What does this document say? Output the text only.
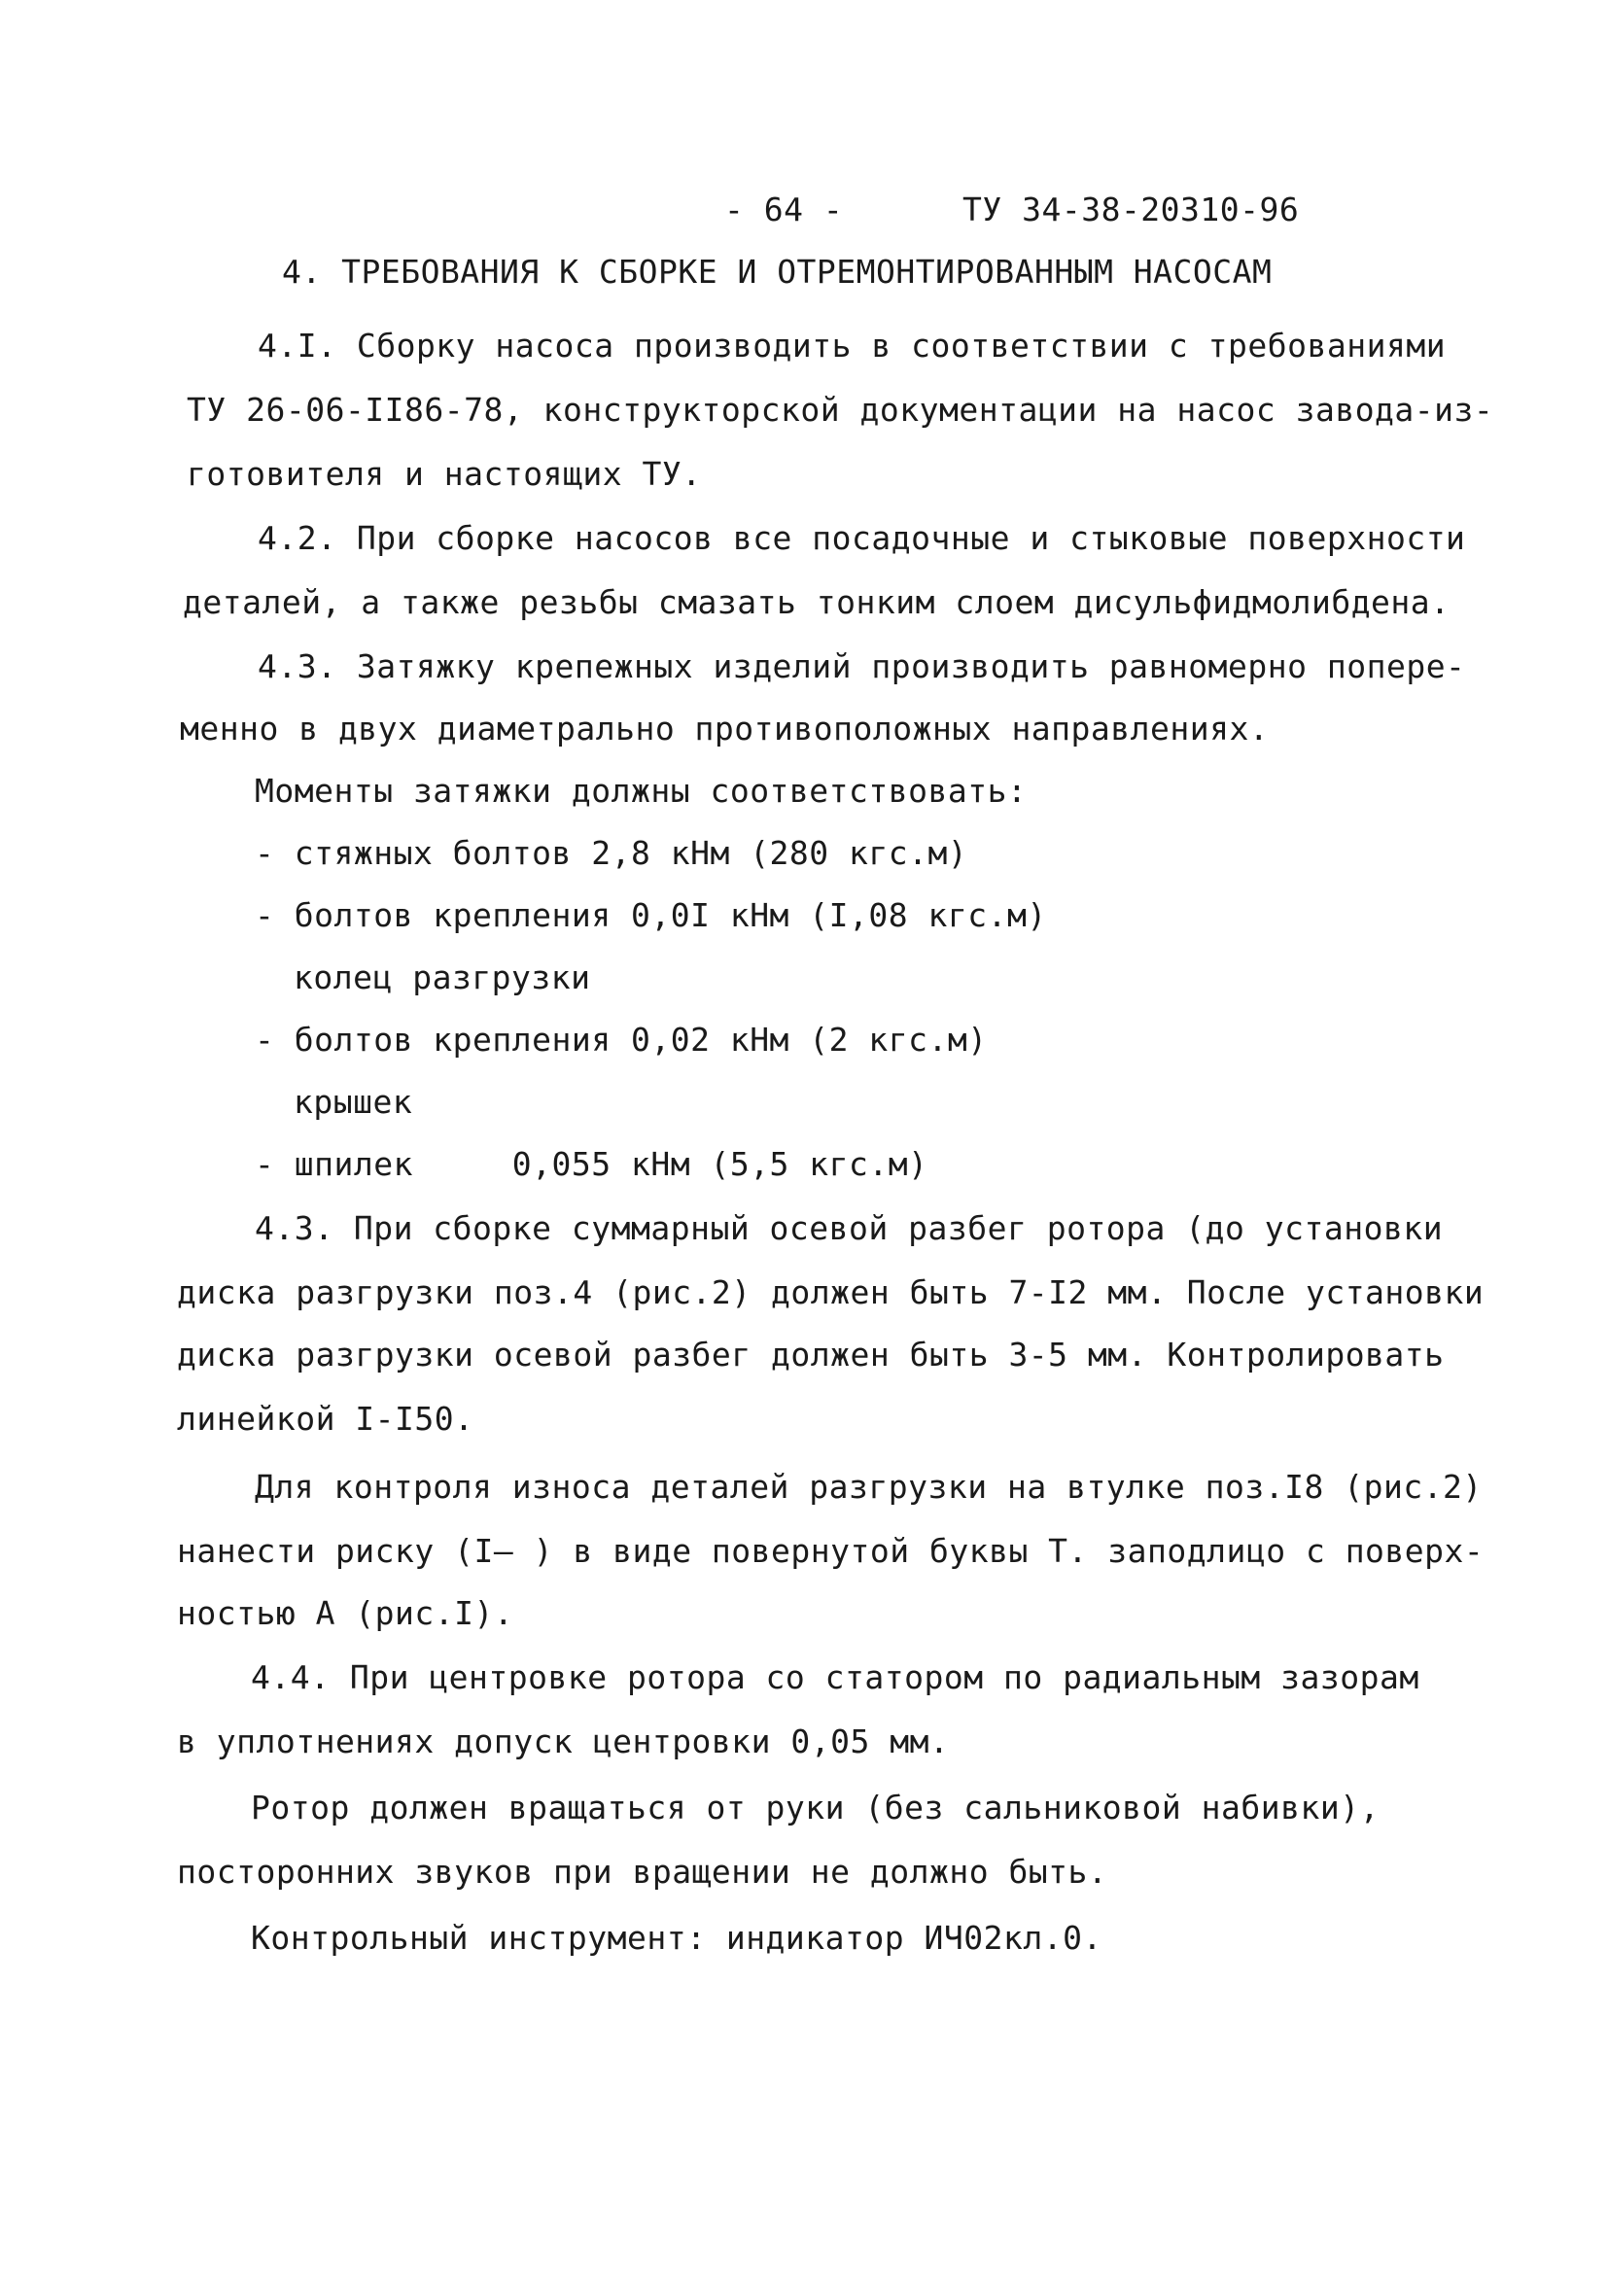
- 64 -	ТУ 34-38-20310-96
4. ТРЕБОВАНИЯ К СБОРКЕ И ОТРЕМОНТИРОВАННЫМ НАСОСАМ
4.I. Сборку насоса производить в соответствии с требованиями
ТУ 26-06-II86-78, конструкторской документации на насос завода-из-
готовителя и настоящих ТУ.
4.2. При сборке насосов все посадочные и стыковые поверхности
деталей, а также резьбы смазать тонким слоем дисульфидмолибдена.
4.3. Затяжку крепежных изделий производить равномерно попере-
менно в двух диаметрально противоположных направлениях.
Моменты затяжки должны соответствовать:
- стяжных болтов 2,8 кНм (280 кгс.м)
- болтов крепления 0,0I кНм (I,08 кгс.м)
колец разгрузки
- болтов крепления 0,02 кНм (2 кгс.м)
крышек
- шпилек     0,055 кНм (5,5 кгс.м)
4.3. При сборке суммарный осевой разбег ротора (до установки
диска разгрузки поз.4 (рис.2) должен быть 7-I2 мм. После установки
диска разгрузки осевой разбег должен быть 3-5 мм. Контролировать
линейкой I-I50.
Для контроля износа деталей разгрузки на втулке поз.I8 (рис.2)
нанести риску (I– ) в виде повернутой буквы Т. заподлицо с поверх-
ностью А (рис.I).
4.4. При центровке ротора со статором по радиальным зазорам
в уплотнениях допуск центровки 0,05 мм.
Ротор должен вращаться от руки (без сальниковой набивки),
посторонних звуков при вращении не должно быть.
Контрольный инструмент: индикатор ИЧ02кл.0.
